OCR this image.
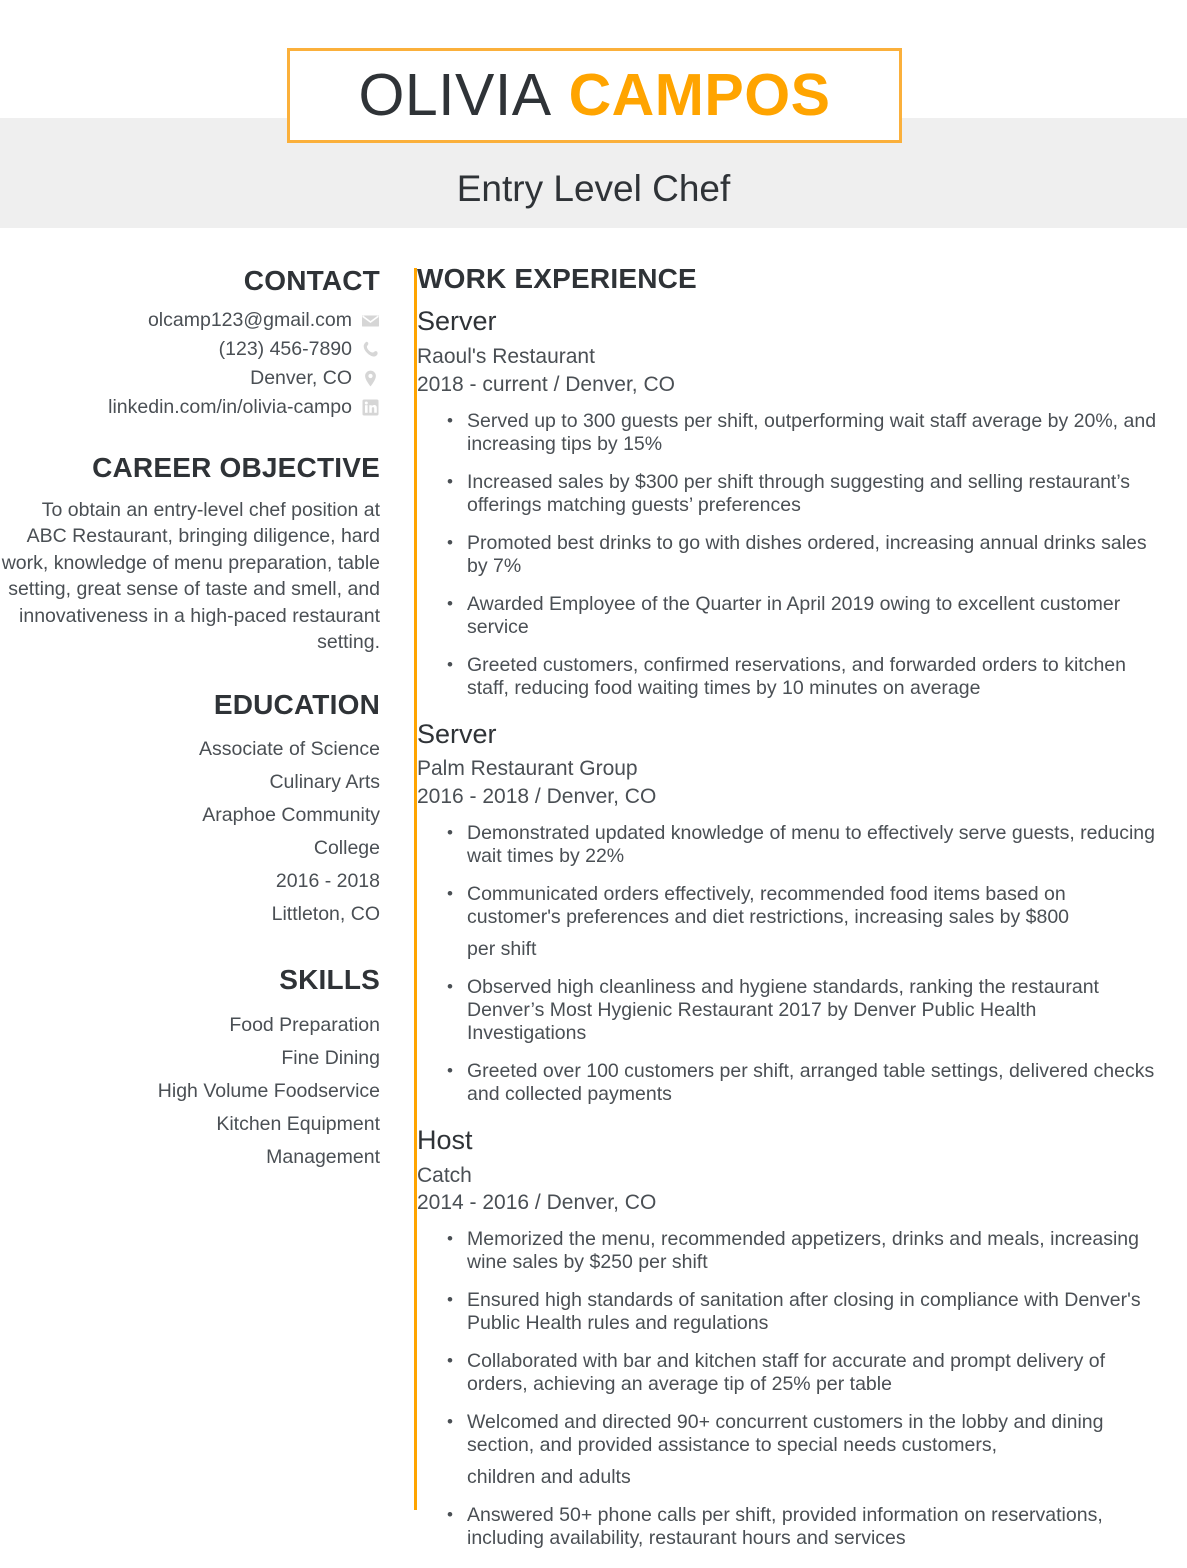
OLIVIA CAMPOS
Entry Level Chef
CONTACT
olcamp123@gmail.com
(123) 456-7890
Denver, CO
linkedin.com/in/olivia-campo
CAREER OBJECTIVE
To obtain an entry-level chef position at ABC Restaurant, bringing diligence, hard work, knowledge of menu preparation, table setting, great sense of taste and smell, and innovativeness in a high-paced restaurant setting.
EDUCATION
Associate of Science
Culinary Arts
Araphoe Community
College
2016 - 2018
Littleton, CO
SKILLS
Food Preparation
Fine Dining
High Volume Foodservice
Kitchen Equipment
Management
WORK EXPERIENCE
Server
Raoul's Restaurant
2018 - current / Denver, CO
• Served up to 300 guests per shift, outperforming wait staff average by 20%, and increasing tips by 15%
• Increased sales by $300 per shift through suggesting and selling restaurant’s offerings matching guests’ preferences
• Promoted best drinks to go with dishes ordered, increasing annual drinks sales by 7%
• Awarded Employee of the Quarter in April 2019 owing to excellent customer service
• Greeted customers, confirmed reservations, and forwarded orders to kitchen staff, reducing food waiting times by 10 minutes on average
Server
Palm Restaurant Group
2016 - 2018 / Denver, CO
• Demonstrated updated knowledge of menu to effectively serve guests, reducing wait times by 22%
• Communicated orders effectively, recommended food items based on customer's preferences and diet restrictions, increasing sales by $800
per shift
• Observed high cleanliness and hygiene standards, ranking the restaurant Denver’s Most Hygienic Restaurant 2017 by Denver Public Health Investigations
• Greeted over 100 customers per shift, arranged table settings, delivered checks and collected payments
Host
Catch
2014 - 2016 / Denver, CO
• Memorized the menu, recommended appetizers, drinks and meals, increasing wine sales by $250 per shift
• Ensured high standards of sanitation after closing in compliance with Denver's Public Health rules and regulations
• Collaborated with bar and kitchen staff for accurate and prompt delivery of orders, achieving an average tip of 25% per table
• Welcomed and directed 90+ concurrent customers in the lobby and dining section, and provided assistance to special needs customers,
children and adults
• Answered 50+ phone calls per shift, provided information on reservations, including availability, restaurant hours and services
